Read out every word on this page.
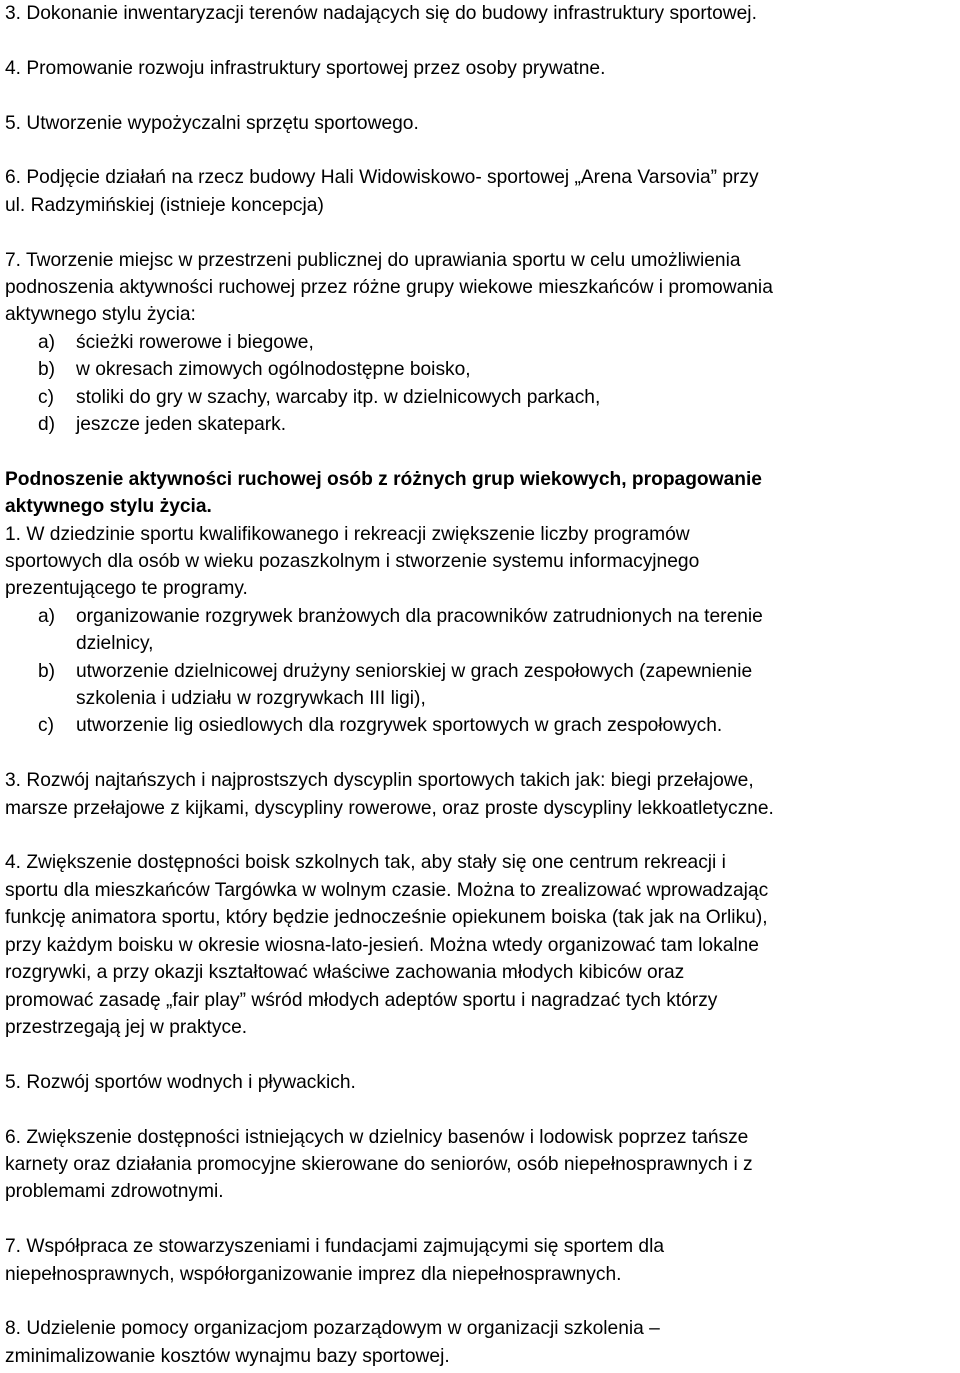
3. Dokonanie inwentaryzacji terenów nadających się do budowy infrastruktury sportowej.
4. Promowanie rozwoju infrastruktury sportowej przez osoby prywatne.
5. Utworzenie wypożyczalni sprzętu sportowego.
6. Podjęcie działań na rzecz budowy Hali Widowiskowo- sportowej „Arena Varsovia” przy
ul. Radzymińskiej (istnieje koncepcja)
7. Tworzenie miejsc w przestrzeni publicznej do uprawiania sportu w celu umożliwienia
podnoszenia aktywności ruchowej przez różne grupy wiekowe mieszkańców i promowania
aktywnego stylu życia:
a)	ścieżki rowerowe i biegowe,
b)	w okresach zimowych ogólnodostępne boisko,
c)	stoliki do gry w szachy, warcaby itp. w dzielnicowych parkach,
d)	jeszcze jeden skatepark.
Podnoszenie aktywności ruchowej osób z różnych grup wiekowych, propagowanie
aktywnego stylu życia.
1. W dziedzinie sportu kwalifikowanego i rekreacji zwiększenie liczby programów
sportowych dla osób w wieku pozaszkolnym i stworzenie systemu informacyjnego
prezentującego te programy.
a)	organizowanie rozgrywek branżowych dla pracowników zatrudnionych na terenie
dzielnicy,
b)	utworzenie dzielnicowej drużyny seniorskiej w grach zespołowych (zapewnienie
szkolenia i udziału w rozgrywkach III ligi),
c)	utworzenie lig osiedlowych dla rozgrywek sportowych w grach zespołowych.
3. Rozwój najtańszych i najprostszych dyscyplin sportowych takich jak: biegi przełajowe,
marsze przełajowe z kijkami, dyscypliny rowerowe, oraz proste dyscypliny lekkoatletyczne.
4. Zwiększenie dostępności boisk szkolnych tak, aby stały się one centrum rekreacji i
sportu dla mieszkańców Targówka w wolnym czasie. Można to zrealizować wprowadzając
funkcję animatora sportu, który będzie jednocześnie opiekunem boiska (tak jak na Orliku),
przy każdym boisku w okresie wiosna-lato-jesień. Można wtedy organizować tam lokalne
rozgrywki, a przy okazji kształtować właściwe zachowania młodych kibiców oraz
promować zasadę „fair play” wśród młodych adeptów sportu i nagradzać tych którzy
przestrzegają jej w praktyce.
5. Rozwój sportów wodnych i pływackich.
6. Zwiększenie dostępności istniejących w dzielnicy basenów i lodowisk poprzez tańsze
karnety oraz działania promocyjne skierowane do seniorów, osób niepełnosprawnych i z
problemami zdrowotnymi.
7. Współpraca ze stowarzyszeniami i fundacjami zajmującymi się sportem dla
niepełnosprawnych, współorganizowanie imprez dla niepełnosprawnych.
8. Udzielenie pomocy organizacjom pozarządowym w organizacji szkolenia –
zminimalizowanie kosztów wynajmu bazy sportowej.
